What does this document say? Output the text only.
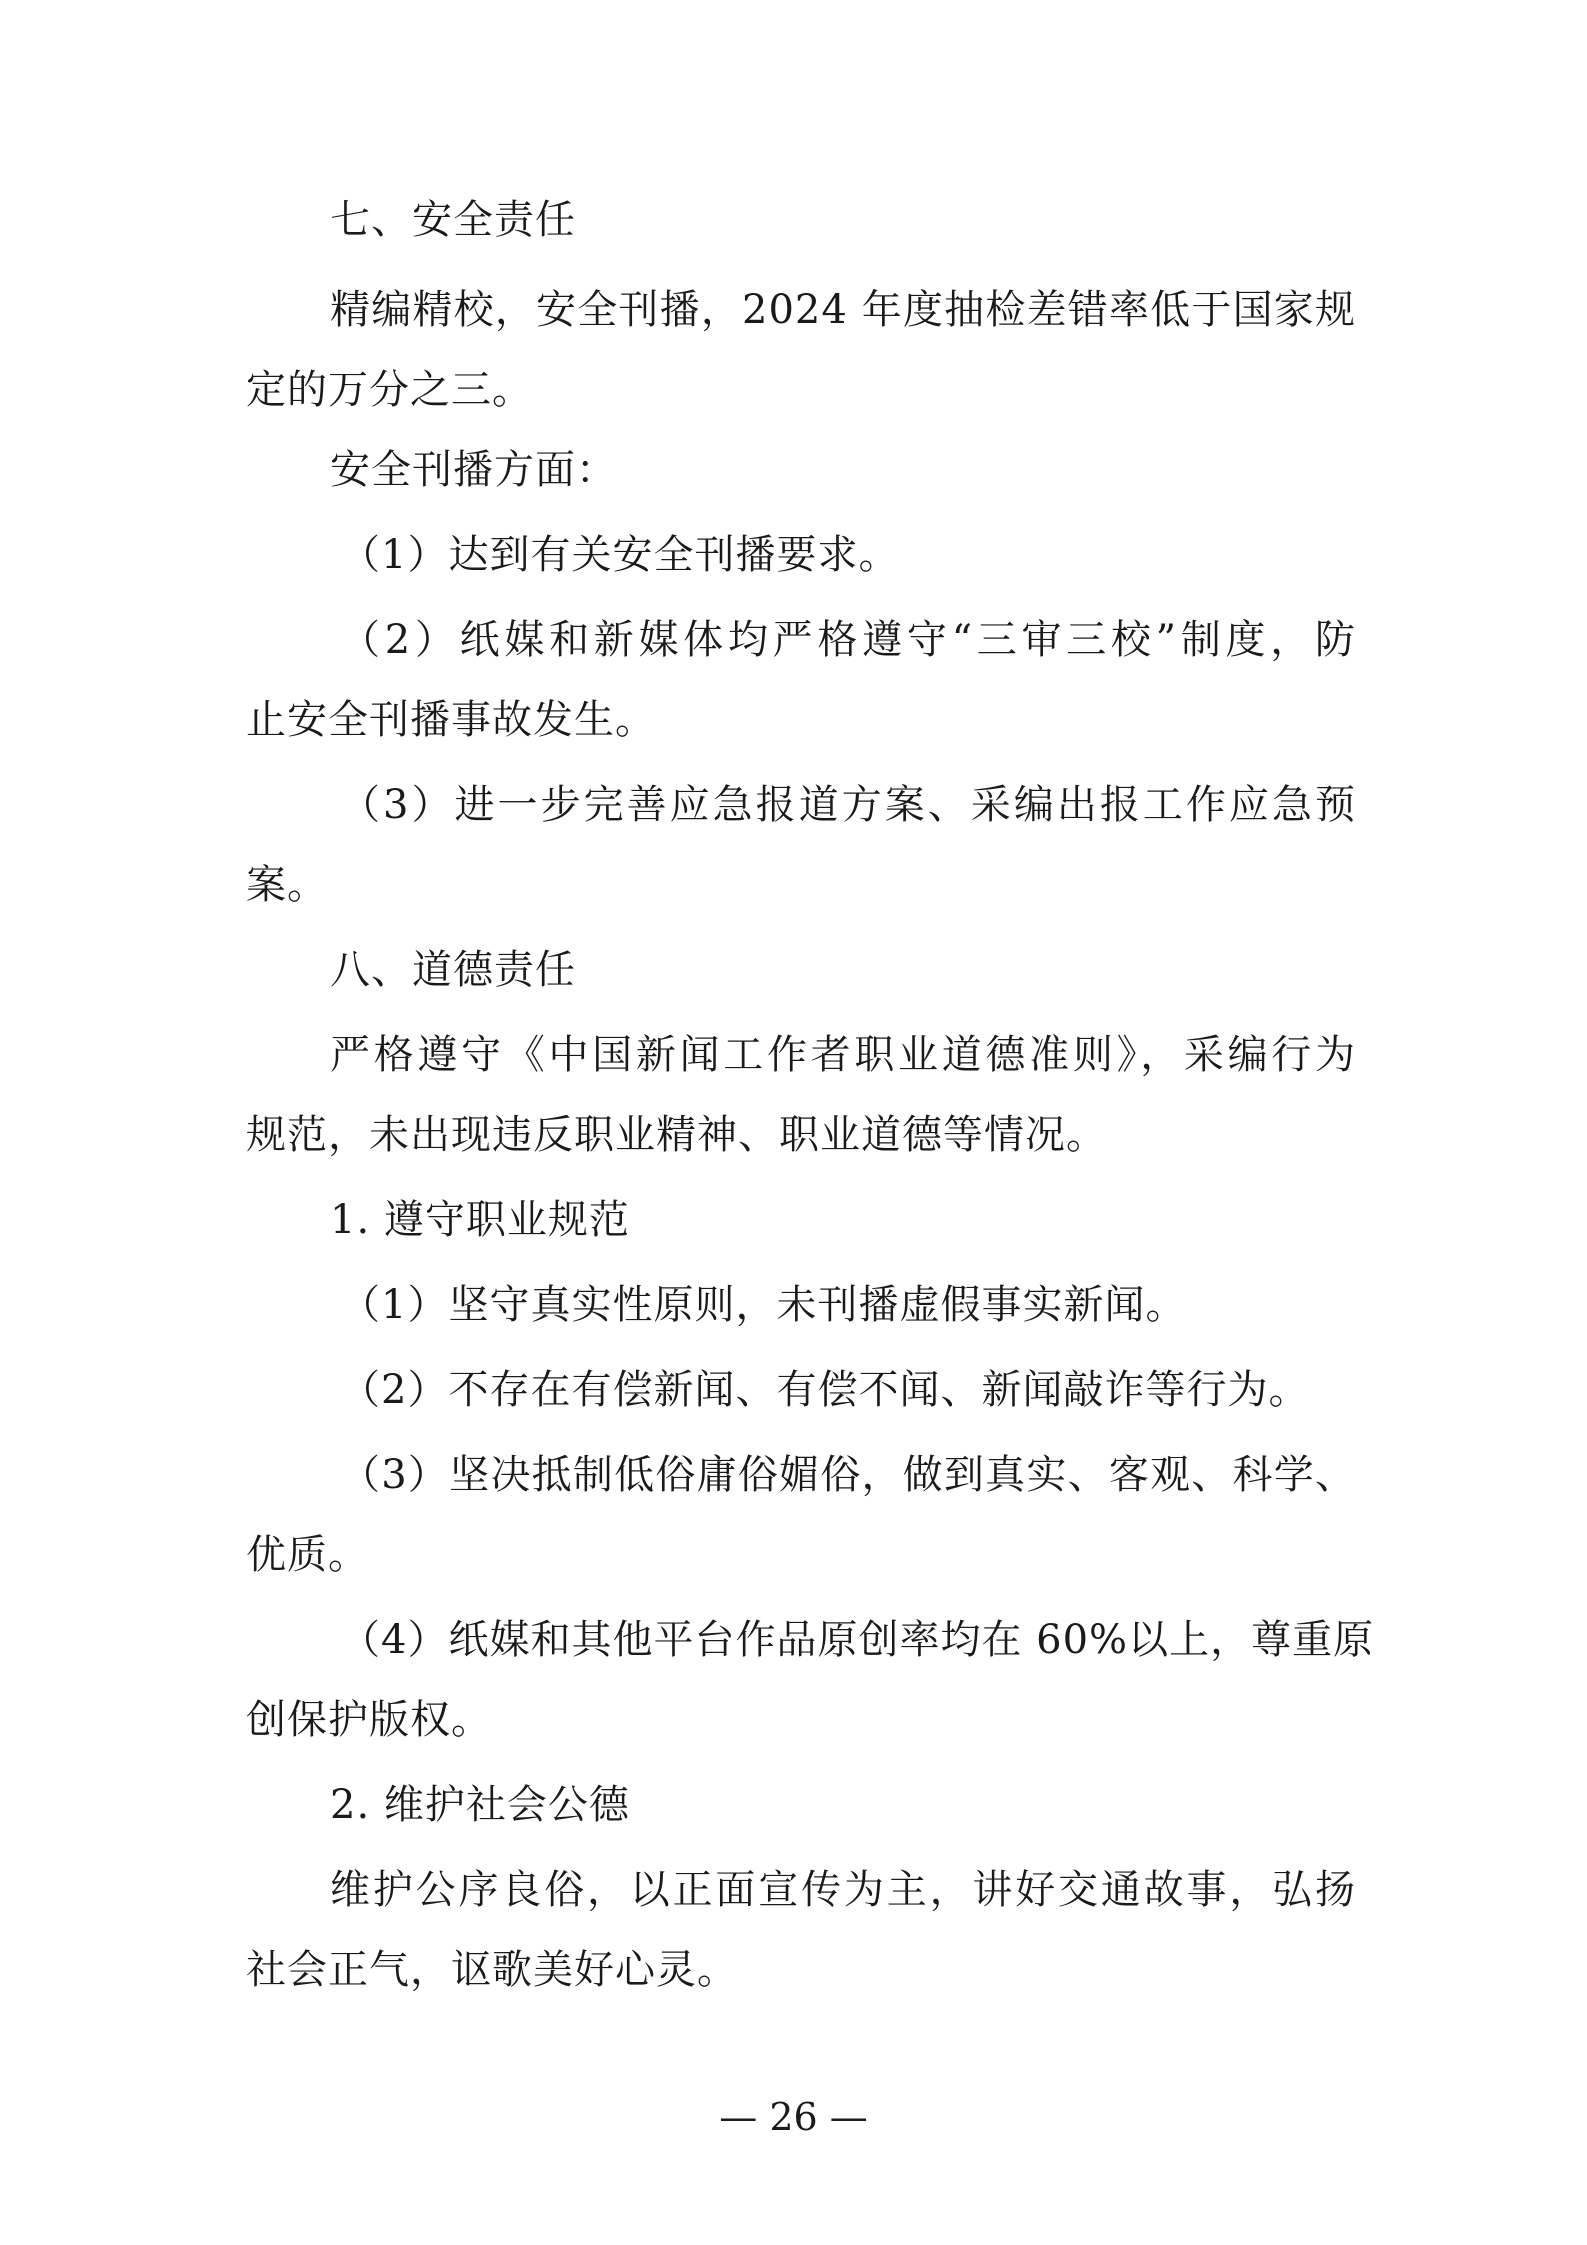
七、安全责任
精编精校，安全刊播，2024 年度抽检差错率低于国家规
定的万分之三。
安全刊播方面：
（1）达到有关安全刊播要求。
（2）纸媒和新媒体均严格遵守“三审三校”制度，防
止安全刊播事故发生。
（3）进一步完善应急报道方案、采编出报工作应急预
案。
八、道德责任
严格遵守《中国新闻工作者职业道德准则》，采编行为
规范，未出现违反职业精神、职业道德等情况。
1. 遵守职业规范
（1）坚守真实性原则，未刊播虚假事实新闻。
（2）不存在有偿新闻、有偿不闻、新闻敲诈等行为。
（3）坚决抵制低俗庸俗媚俗，做到真实、客观、科学、
优质。
（4）纸媒和其他平台作品原创率均在 60%以上，尊重原
创保护版权。
2. 维护社会公德
维护公序良俗，以正面宣传为主，讲好交通故事，弘扬
社会正气，讴歌美好心灵。
— 26 —
